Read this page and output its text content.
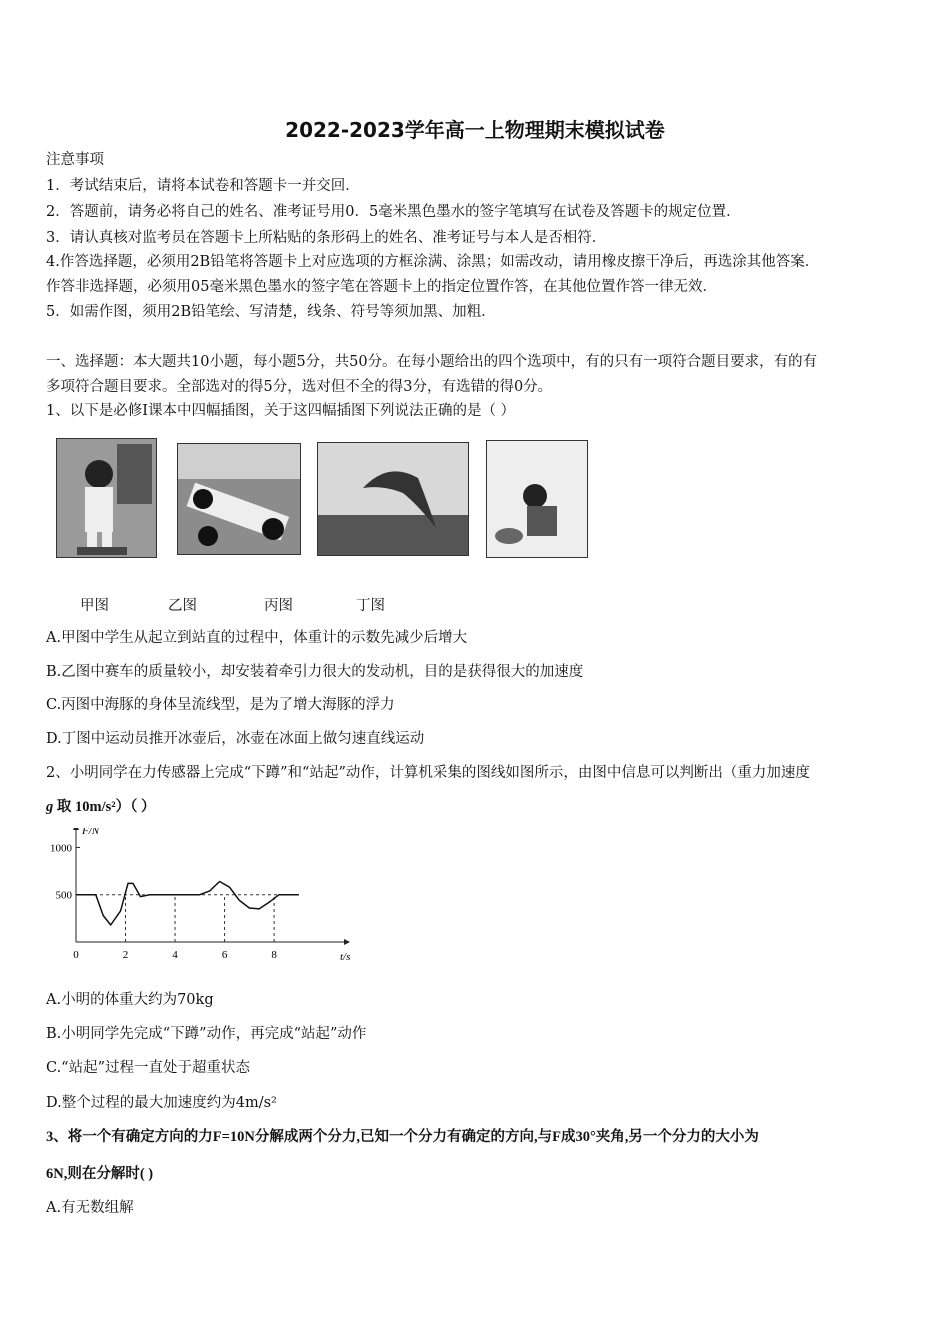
2022-2023学年高一上物理期末模拟试卷
注意事项
1．考试结束后，请将本试卷和答题卡一并交回．
2．答题前，请务必将自己的姓名、准考证号用0．5毫米黑色墨水的签字笔填写在试卷及答题卡的规定位置．
3．请认真核对监考员在答题卡上所粘贴的条形码上的姓名、准考证号与本人是否相符．
4.作答选择题，必须用2B铅笔将答题卡上对应选项的方框涂满、涂黑；如需改动，请用橡皮擦干净后，再选涂其他答案．
作答非选择题，必须用05毫米黑色墨水的签字笔在答题卡上的指定位置作答，在其他位置作答一律无效．
5．如需作图，须用2B铅笔绘、写清楚，线条、符号等须加黑、加粗．
一、选择题：本大题共10小题，每小题5分，共50分。在每小题给出的四个选项中，有的只有一项符合题目要求，有的有
多项符合题目要求。全部选对的得5分，选对但不全的得3分，有选错的得0分。
1、以下是必修Ⅰ课本中四幅插图，关于这四幅插图下列说法正确的是（ ）
甲图	乙图	丙图	丁图
A.甲图中学生从起立到站直的过程中，体重计的示数先减少后增大
B.乙图中赛车的质量较小，却安装着牵引力很大的发动机，目的是获得很大的加速度
C.丙图中海豚的身体呈流线型，是为了增大海豚的浮力
D.丁图中运动员推开冰壶后，冰壶在冰面上做匀速直线运动
2、小明同学在力传感器上完成“下蹲”和“站起”动作，计算机采集的图线如图所示，由图中信息可以判断出（重力加速度
g 取 10m/s²）（ ）
1000
500
0	2	4	6	8
F/N
t/s
A.小明的体重大约为70kg
B.小明同学先完成“下蹲”动作，再完成“站起”动作
C.“站起”过程一直处于超重状态
D.整个过程的最大加速度约为4m/s²
3、将一个有确定方向的力F=10N分解成两个分力,已知一个分力有确定的方向,与F成30°夹角,另一个分力的大小为
6N,则在分解时( )
A.有无数组解
